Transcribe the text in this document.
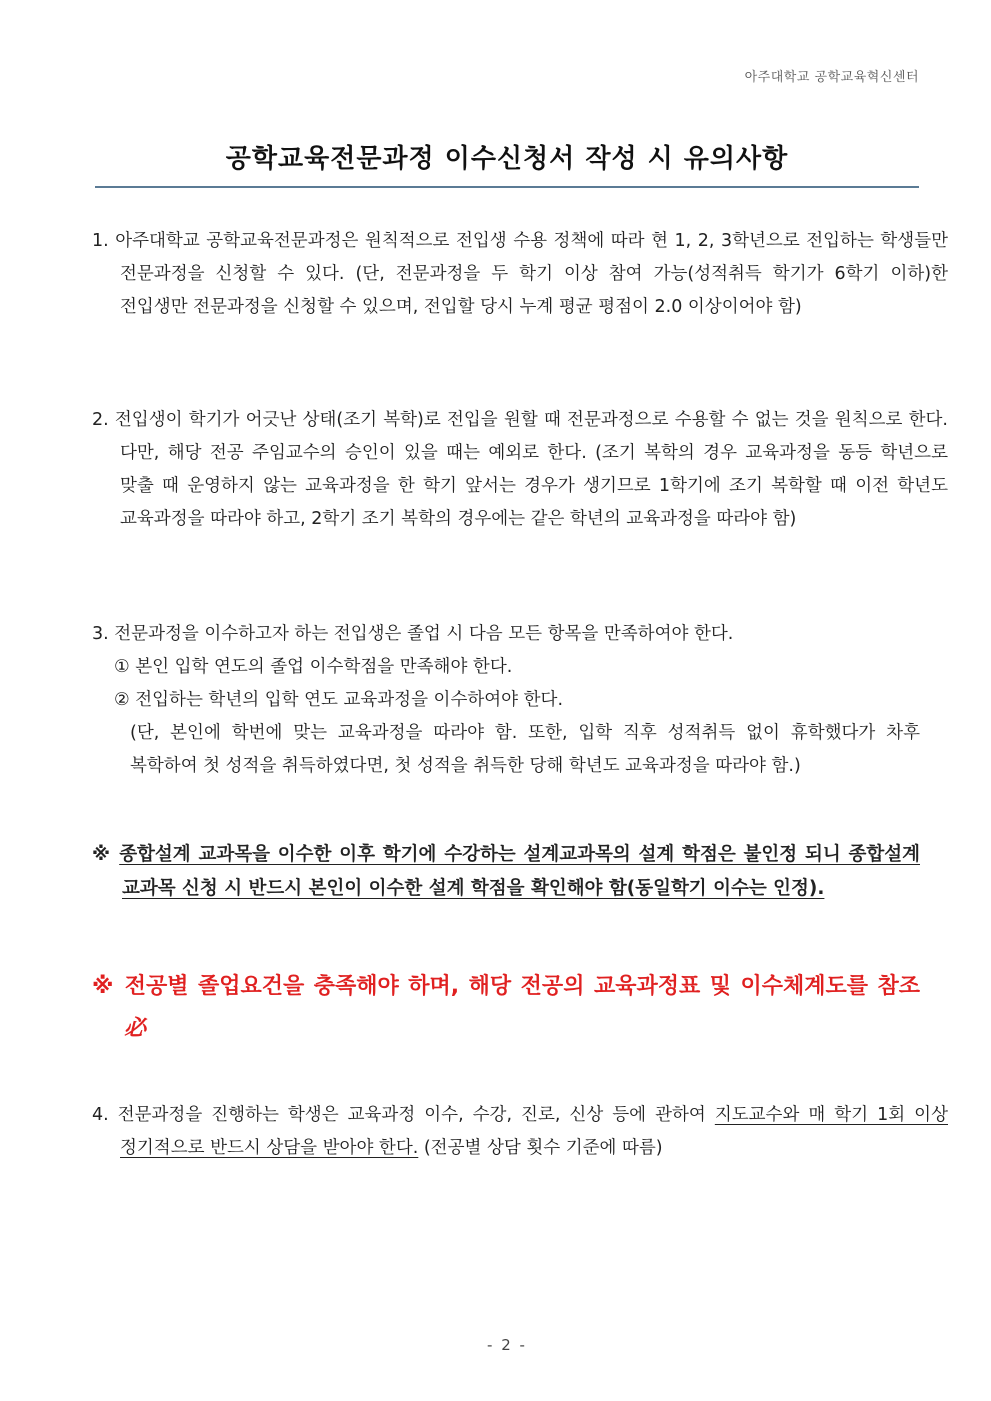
아주대학교 공학교육혁신센터
공학교육전문과정 이수신청서 작성 시 유의사항
1. 아주대학교 공학교육전문과정은 원칙적으로 전입생 수용 정책에 따라 현 1, 2, 3학년으로 전입하는 학생들만 전문과정을 신청할 수 있다. (단, 전문과정을 두 학기 이상 참여 가능(성적취득 학기가 6학기 이하)한 전입생만 전문과정을 신청할 수 있으며, 전입할 당시 누계 평균 평점이 2.0 이상이어야 함)
2. 전입생이 학기가 어긋난 상태(조기 복학)로 전입을 원할 때 전문과정으로 수용할 수 없는 것을 원칙으로 한다. 다만, 해당 전공 주임교수의 승인이 있을 때는 예외로 한다. (조기 복학의 경우 교육과정을 동등 학년으로 맞출 때 운영하지 않는 교육과정을 한 학기 앞서는 경우가 생기므로 1학기에 조기 복학할 때 이전 학년도 교육과정을 따라야 하고, 2학기 조기 복학의 경우에는 같은 학년의 교육과정을 따라야 함)
3. 전문과정을 이수하고자 하는 전입생은 졸업 시 다음 모든 항목을 만족하여야 한다.
① 본인 입학 연도의 졸업 이수학점을 만족해야 한다.
② 전입하는 학년의 입학 연도 교육과정을 이수하여야 한다.
(단, 본인에 학번에 맞는 교육과정을 따라야 함. 또한, 입학 직후 성적취득 없이 휴학했다가 차후 복학하여 첫 성적을 취득하였다면, 첫 성적을 취득한 당해 학년도 교육과정을 따라야 함.)
※ 종합설계 교과목을 이수한 이후 학기에 수강하는 설계교과목의 설계 학점은 불인정 되니 종합설계 교과목 신청 시 반드시 본인이 이수한 설계 학점을 확인해야 함(동일학기 이수는 인정).
※ 전공별 졸업요건을 충족해야 하며, 해당 전공의 교육과정표 및 이수체계도를 참조 必
4. 전문과정을 진행하는 학생은 교육과정 이수, 수강, 진로, 신상 등에 관하여 지도교수와 매 학기 1회 이상 정기적으로 반드시 상담을 받아야 한다. (전공별 상담 횟수 기준에 따름)
- 2 -
